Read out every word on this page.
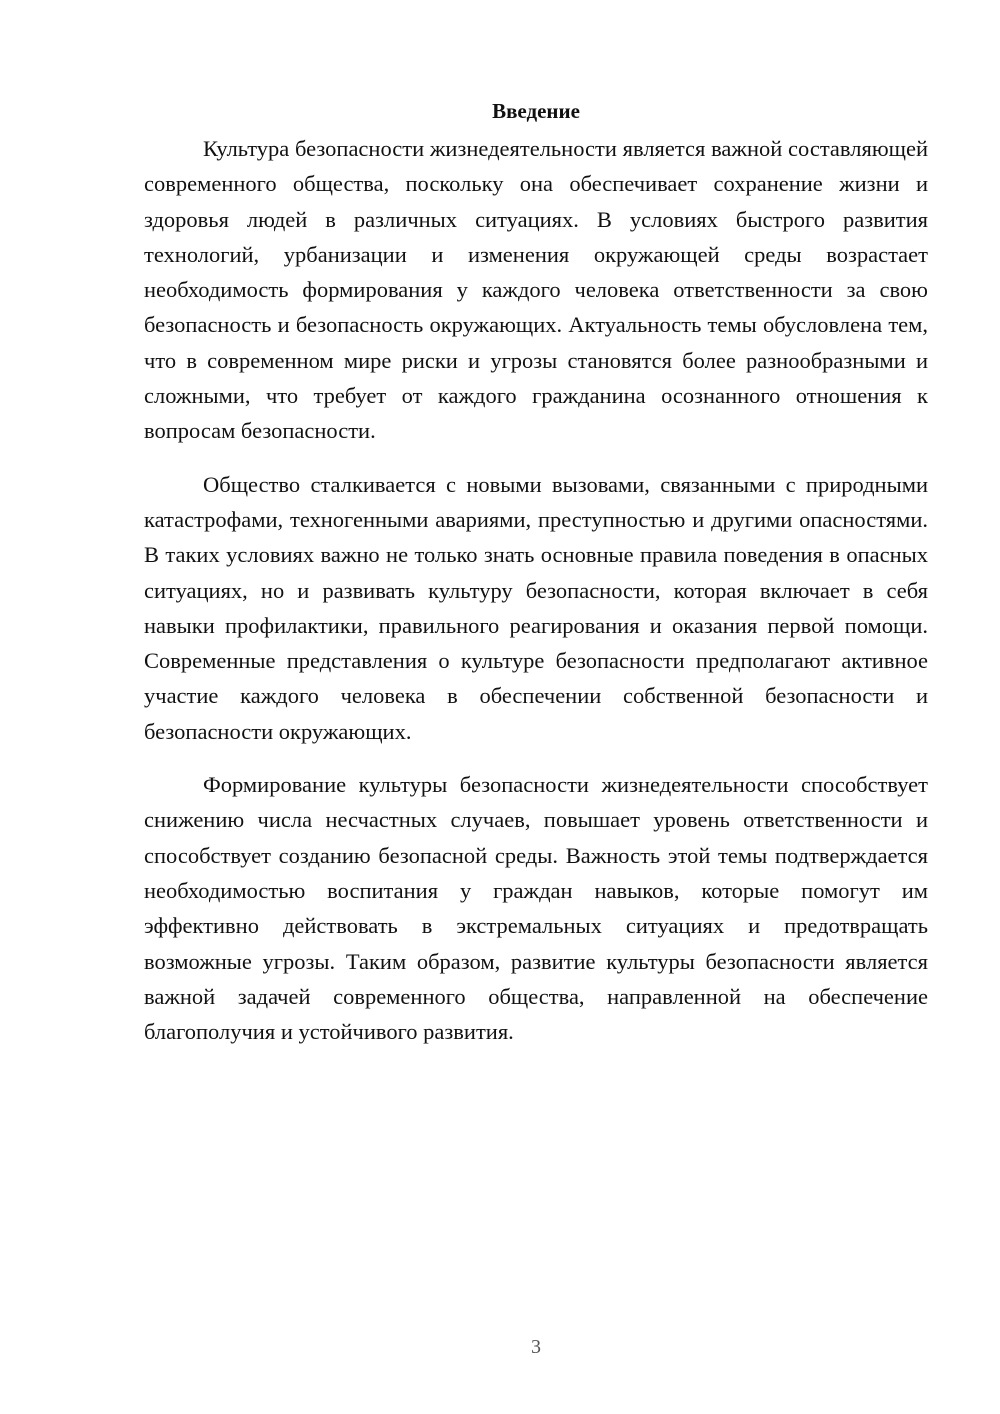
Введение

Культура безопасности жизнедеятельности является важной составляющей современного общества, поскольку она обеспечивает сохранение жизни и здоровья людей в различных ситуациях. В условиях быстрого развития технологий, урбанизации и изменения окружающей среды возрастает необходимость формирования у каждого человека ответственности за свою безопасность и безопасность окружающих. Актуальность темы обусловлена тем, что в современном мире риски и угрозы становятся более разнообразными и сложными, что требует от каждого гражданина осознанного отношения к вопросам безопасности.

Общество сталкивается с новыми вызовами, связанными с природными катастрофами, техногенными авариями, преступностью и другими опасностями. В таких условиях важно не только знать основные правила поведения в опасных ситуациях, но и развивать культуру безопасности, которая включает в себя навыки профилактики, правильного реагирования и оказания первой помощи. Современные представления о культуре безопасности предполагают активное участие каждого человека в обеспечении собственной безопасности и безопасности окружающих.

Формирование культуры безопасности жизнедеятельности способствует снижению числа несчастных случаев, повышает уровень ответственности и способствует созданию безопасной среды. Важность этой темы подтверждается необходимостью воспитания у граждан навыков, которые помогут им эффективно действовать в экстремальных ситуациях и предотвращать возможные угрозы. Таким образом, развитие культуры безопасности является важной задачей современного общества, направленной на обеспечение благополучия и устойчивого развития.

3
